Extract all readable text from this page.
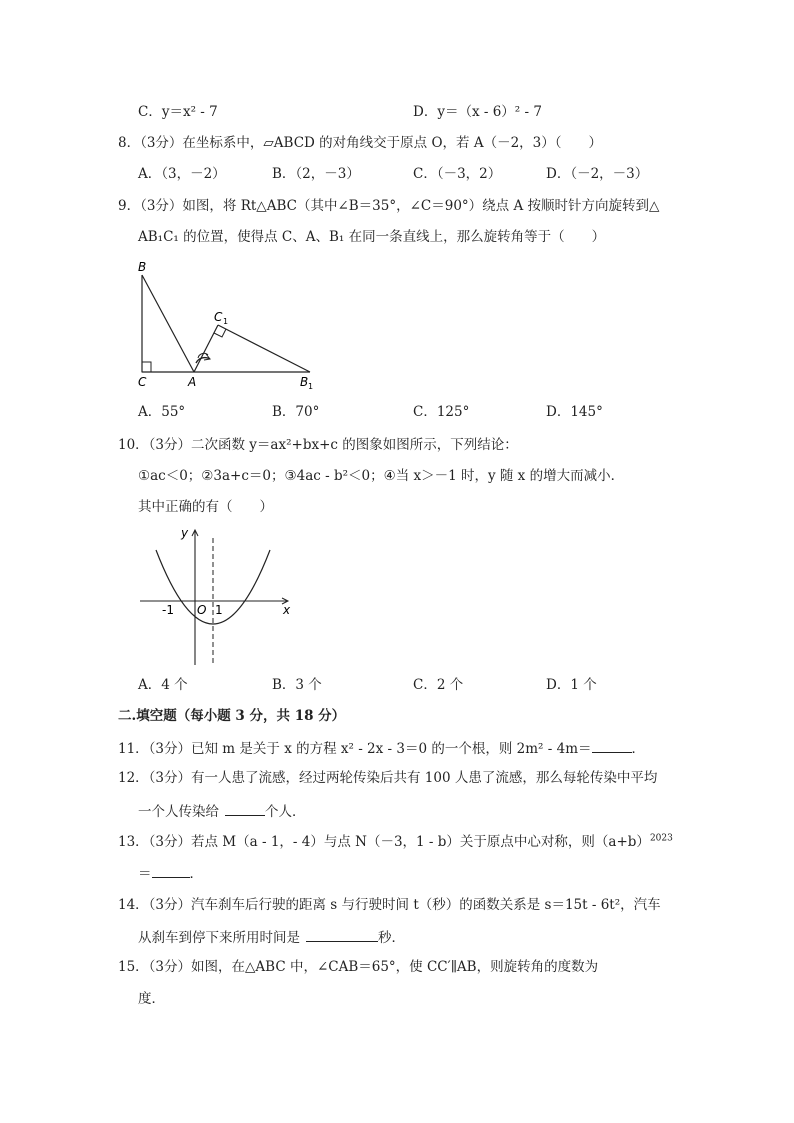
C．y＝x² - 7	D．y＝（x - 6）² - 7
8．（3分）在坐标系中，▱ABCD 的对角线交于原点 O，若 A（－2，3）（　　）
A．（3，－2）	B．（2，－3）	C．（－3，2）	D．（－2，－3）
9．（3分）如图，将 Rt△ABC（其中∠B＝35°，∠C＝90°）绕点 A 按顺时针方向旋转到△
AB₁C₁ 的位置，使得点 C、A、B₁ 在同一条直线上，那么旋转角等于（　　）
B
C	A
C 1
B 1
A．55°	B．70°	C．125°	D．145°
10．（3分）二次函数 y＝ax²+bx+c 的图象如图所示，下列结论：
①ac＜0；②3a+c＝0；③4ac - b²＜0；④当 x＞－1 时，y 随 x 的增大而减小．
其中正确的有（　　）
y
x
-1 O 1
A．4 个	B．3 个	C．2 个	D．1 个
二.填空题（每小题 3 分，共 18 分）
11．（3分）已知 m 是关于 x 的方程 x² - 2x - 3＝0 的一个根，则 2m² - 4m＝	．
12．（3分）有一人患了流感，经过两轮传染后共有 100 人患了流感，那么每轮传染中平均
一个人传染给	个人．
13．（3分）若点 M（a - 1，- 4）与点 N（－3，1 - b）关于原点中心对称，则$(a+b)^{2023}$
＝	．
14．（3分）汽车刹车后行驶的距离 s 与行驶时间 t（秒）的函数关系是 s＝15t - 6t²，汽车
从刹车到停下来所用时间是	秒．
15．（3分）如图，在△ABC 中，∠CAB＝65°，使 CC′∥AB，则旋转角的度数为
度．
